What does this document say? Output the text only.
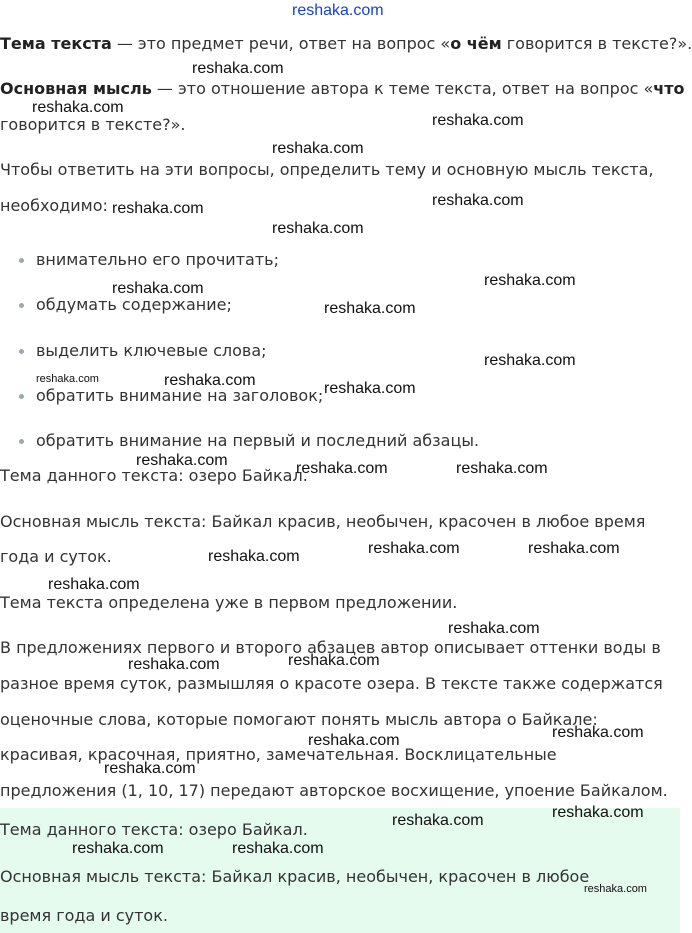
Тема текста — это предмет речи, ответ на вопрос «о чём говорится в тексте?».

Основная мысль — это отношение автора к теме текста, ответ на вопрос «что

говорится в тексте?».

Чтобы ответить на эти вопросы, определить тему и основную мысль текста,

необходимо:

внимательно его прочитать;

обдумать содержание;

выделить ключевые слова;

обратить внимание на заголовок;

обратить внимание на первый и последний абзацы.

Тема данного текста: озеро Байкал.

Основная мысль текста: Байкал красив, необычен, красочен в любое время

года и суток.

Тема текста определена уже в первом предложении.

В предложениях первого и второго абзацев автор описывает оттенки воды в

разное время суток, размышляя о красоте озера. В тексте также содержатся

оценочные слова, которые помогают понять мысль автора о Байкале:

красивая, красочная, приятно, замечательная. Восклицательные

предложения (1, 10, 17) передают авторское восхищение, упоение Байкалом.

Тема данного текста: озеро Байкал.

Основная мысль текста: Байкал красив, необычен, красочен в любое

время года и суток.

reshaka.com
reshaka.com
reshaka.com
reshaka.com
reshaka.com
reshaka.com	reshaka.com
reshaka.com
reshaka.com
reshaka.com
reshaka.com
reshaka.com
reshaka.com	reshaka.com	reshaka.com
reshaka.com	reshaka.com	reshaka.com
reshaka.com	reshaka.com
reshaka.com
reshaka.com
reshaka.com
reshaka.com
reshaka.com
reshaka.com
reshaka.com
reshaka.com
reshaka.com
reshaka.com
reshaka.com	reshaka.com
reshaka.com
